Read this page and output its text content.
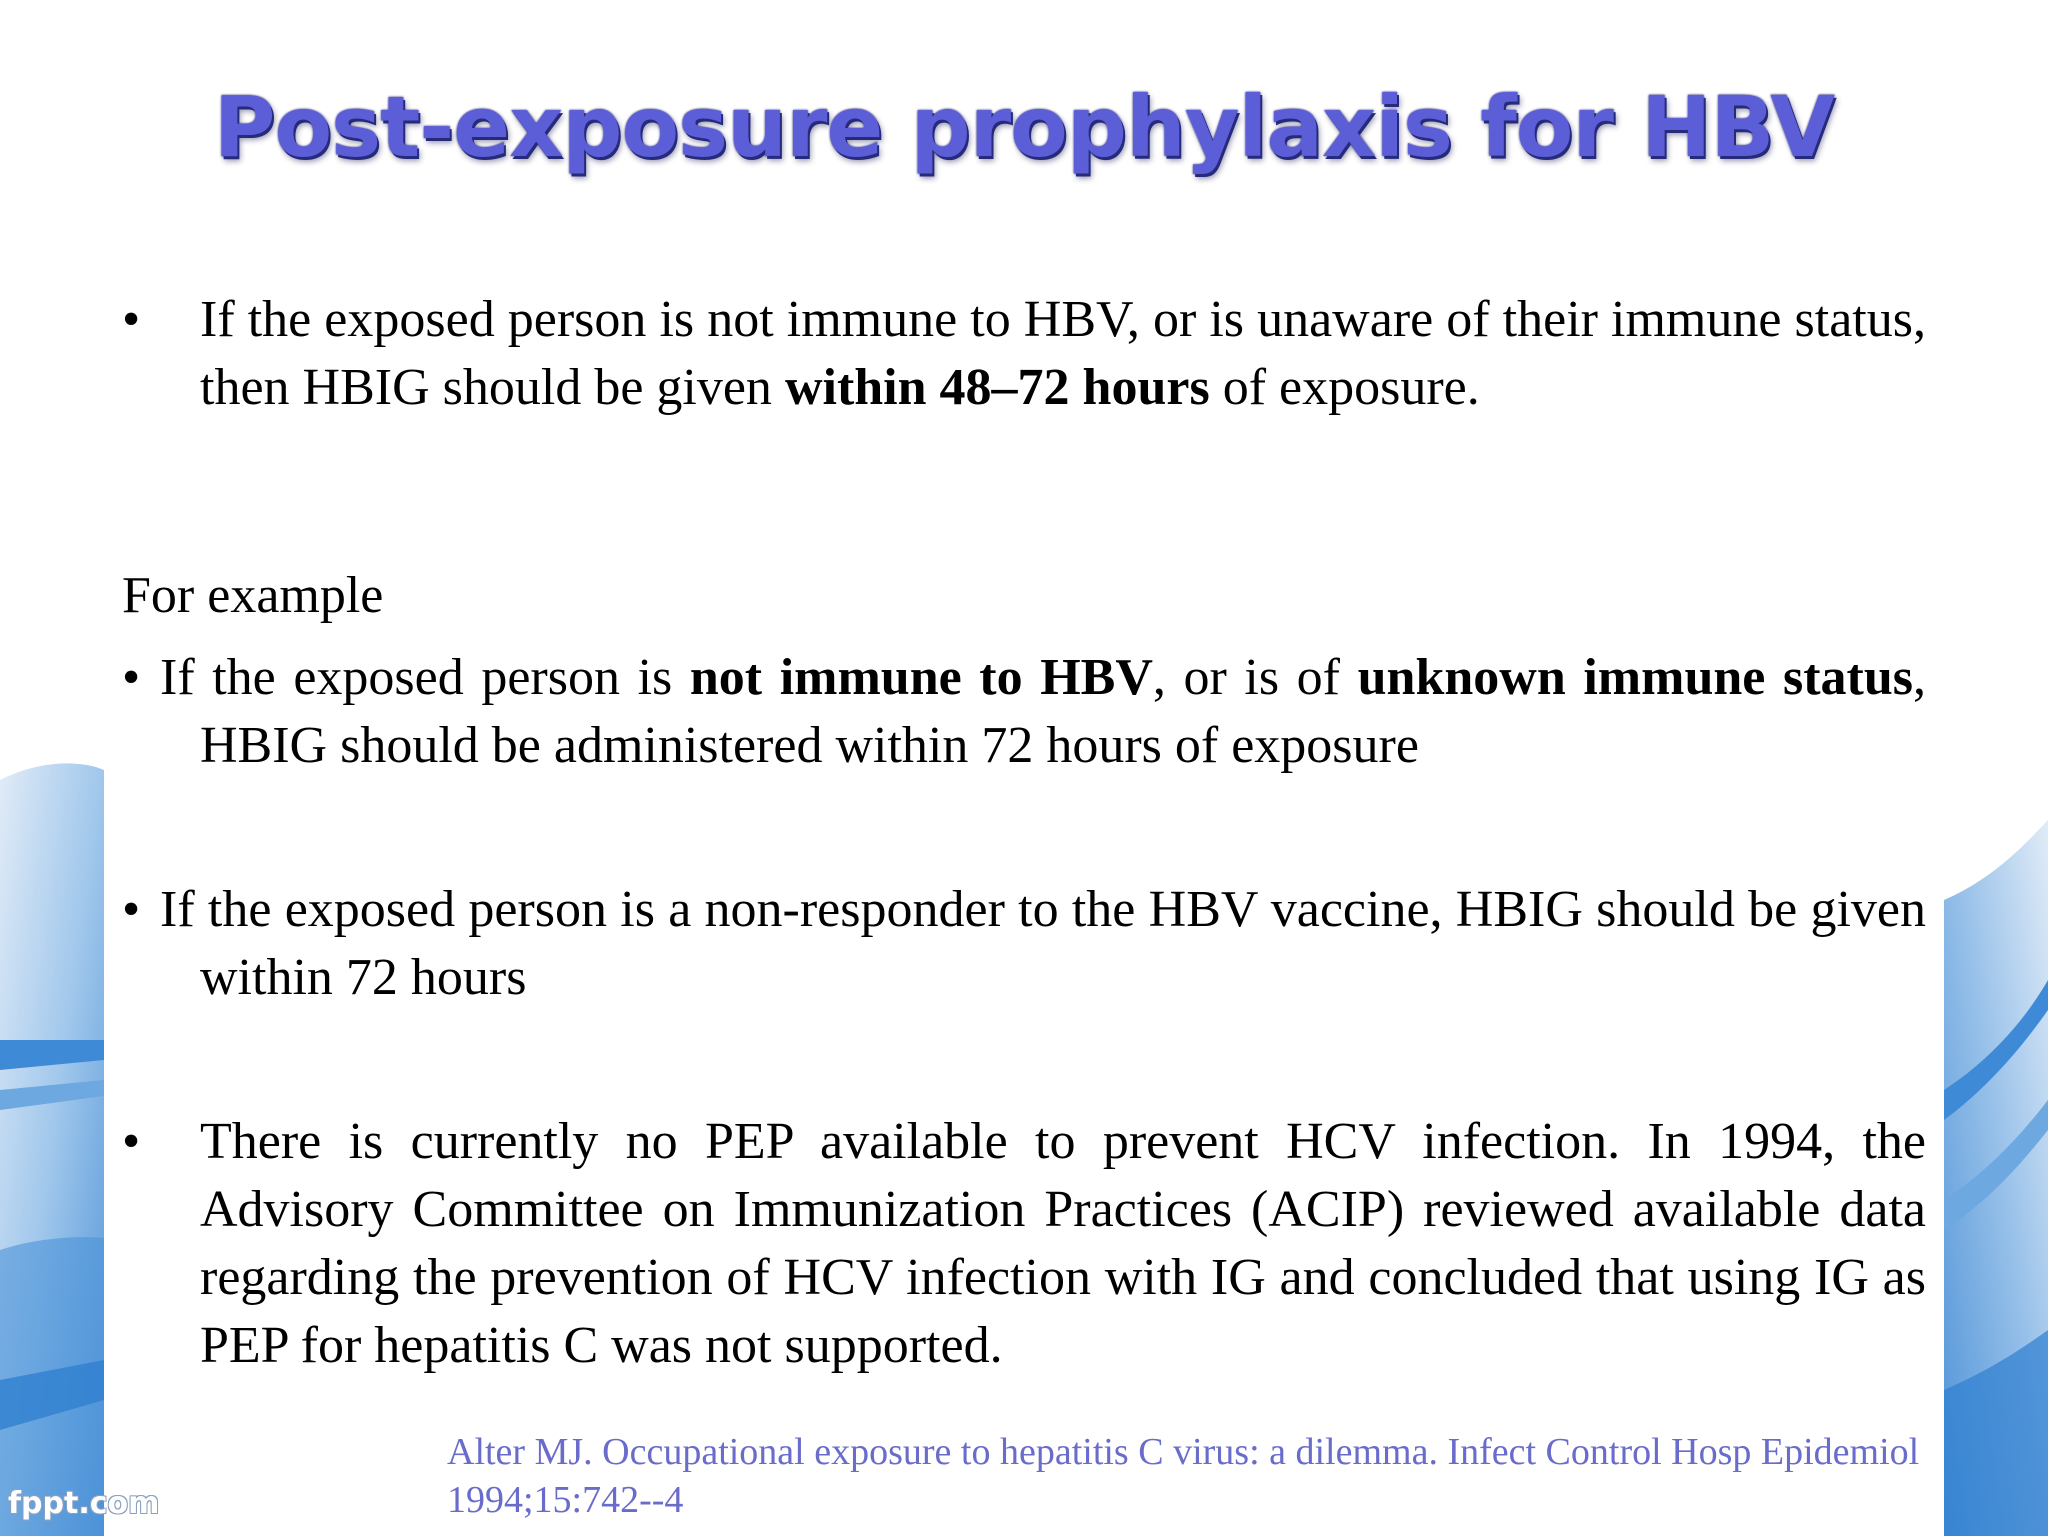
Post-exposure prophylaxis for HBV
• If the exposed person is not immune to HBV, or is unaware of their immune status, then HBIG should be given within 48–72 hours of exposure.
For example
• If the exposed person is not immune to HBV, or is of unknown immune status, HBIG should be administered within 72 hours of exposure
• If the exposed person is a non-responder to the HBV vaccine, HBIG should be given within 72 hours
• There is currently no PEP available to prevent HCV infection. In 1994, the Advisory Committee on Immunization Practices (ACIP) reviewed available data regarding the prevention of HCV infection with IG and concluded that using IG as PEP for hepatitis C was not supported.
Alter MJ. Occupational exposure to hepatitis C virus: a dilemma. Infect Control Hosp Epidemiol 1994;15:742--4
fppt.com
